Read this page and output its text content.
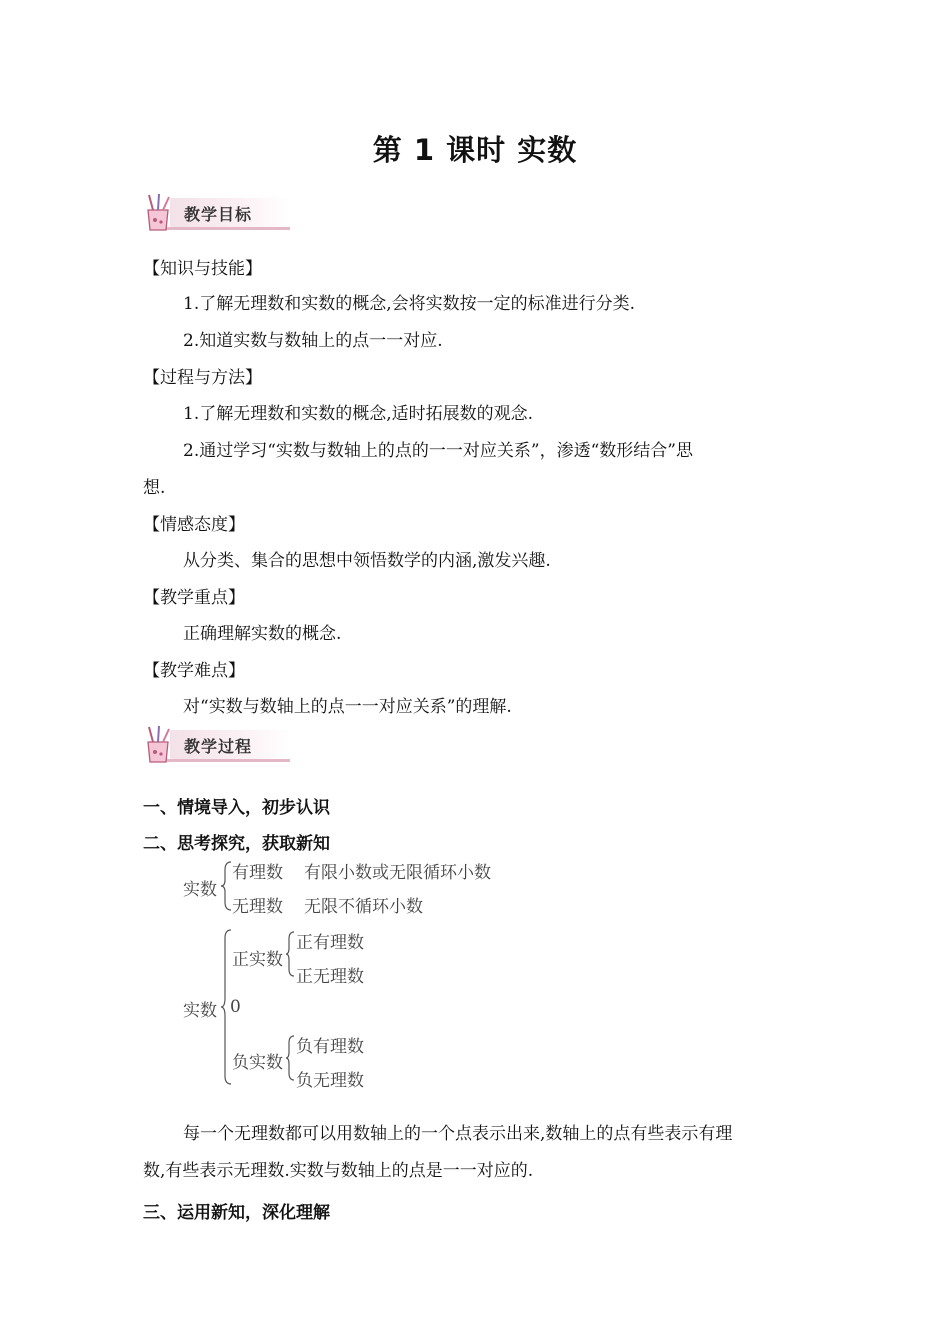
第 1 课时 实数
教学目标
【知识与技能】
1.了解无理数和实数的概念,会将实数按一定的标准进行分类.
2.知道实数与数轴上的点一一对应.
【过程与方法】
1.了解无理数和实数的概念,适时拓展数的观念.
2.通过学习“实数与数轴上的点的一一对应关系”，渗透“数形结合”思
想.
【情感态度】
从分类、集合的思想中领悟数学的内涵,激发兴趣.
【教学重点】
正确理解实数的概念.
【教学难点】
对“实数与数轴上的点一一对应关系”的理解.
教学过程
一、情境导入，初步认识
二、思考探究，获取新知
实数
有理数 有限小数或无限循环小数
无理数 无限不循环小数
实数
正实数
正有理数
正无理数
0
负实数
负有理数
负无理数
每一个无理数都可以用数轴上的一个点表示出来,数轴上的点有些表示有理
数,有些表示无理数.实数与数轴上的点是一一对应的.
三、运用新知，深化理解
